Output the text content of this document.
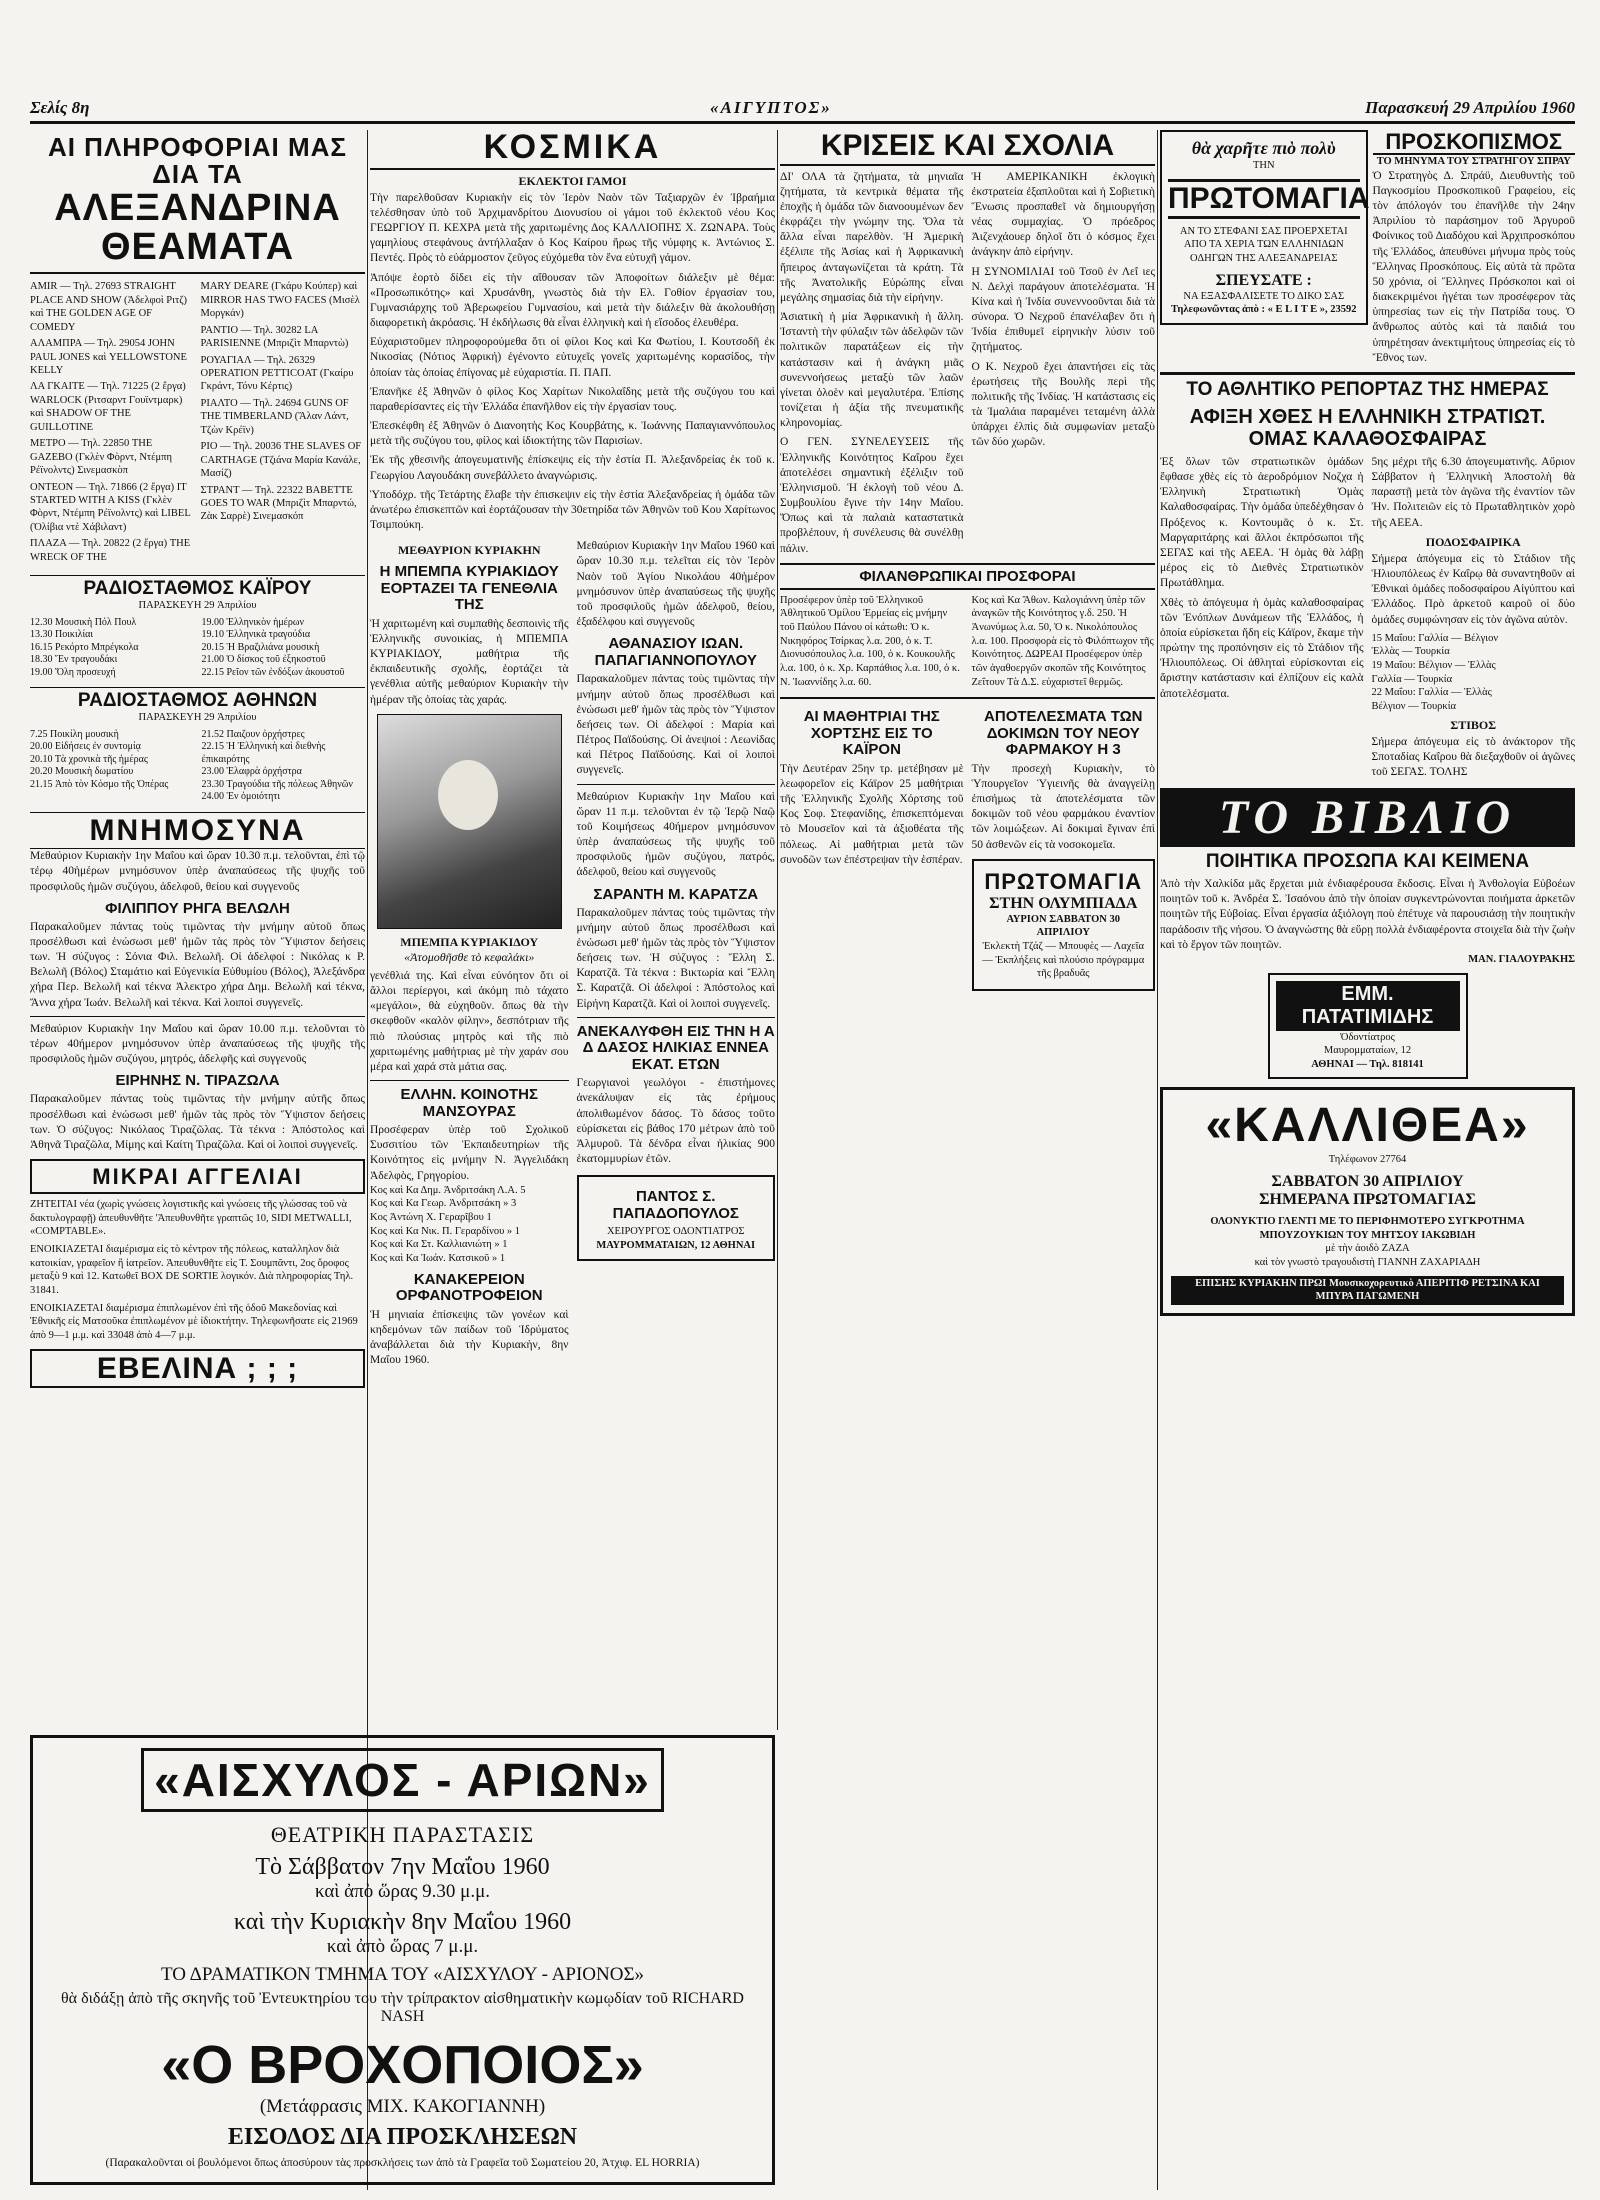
Σελίς 8η	«ΑΙΓΥΠΤΟΣ»	Παρασκευή 29 Απριλίου 1960
ΑΙ ΠΛΗΡΟΦΟΡΙΑΙ ΜΑΣ ΔΙΑ ΤΑ
ΑΛΕΞΑΝΔΡΙΝΑ ΘΕΑΜΑΤΑ

AMIR — Τηλ. 27693 STRAIGHT PLACE AND SHOW (Ἀδελφοὶ Ριτζ) καὶ THE GOLDEN AGE OF COMEDY

ΑΛΑΜΠΡΑ — Τηλ. 29054 JOHN PAUL JONES καὶ YELLOWSTONE KELLY

ΛΑ ΓΚΑΙΤΕ — Τηλ. 71225 (2 ἔργα) WARLOCK (Ριτσαρντ Γουϊντμαρκ) καὶ SHADOW OF THE GUILLOTINE

ΜΕΤΡΟ — Τηλ. 22850 THE GAZEBO (Γκλὲν Φὸρντ, Ντέμπη Ρέϊνολντς) Σινεμασκὸπ

ΟΝΤΕΟΝ — Τηλ. 71866 (2 ἔργα) IT STARTED WITH A KISS (Γκλὲν Φὸρντ, Ντέμπη Ρέϊνολντς) καὶ LIBEL (Ὀλίβια ντὲ Χάβιλαντ)

ΠΛΑΖΑ — Τηλ. 20822 (2 ἔργα) THE WRECK OF THE

MARY DEARE (Γκάρυ Κούπερ) καὶ MIRROR HAS TWO FACES (Μισὲλ Μοργκάν)

ΡΑΝΤΙΟ — Τηλ. 30282 LA PARISIENNE (Μπριζὶτ Μπαρντὼ)

ΡΟΥΑΓΙΑΛ — Τηλ. 26329 OPERATION PETTICOAT (Γκαίρυ Γκράντ, Τόνυ Κέρτις)

ΡΙΑΛΤΟ — Τηλ. 24694 GUNS OF THE TIMBERLAND (Ἄλαν Λάντ, Τζὼν Κρέϊν)

ΡΙΟ — Τηλ. 20036 THE SLAVES OF CARTHAGE (Τζιάνα Μαρία Κανάλε, Μασίζ)

ΣΤΡΑΝΤ — Τηλ. 22322 BABETTE GOES TO WAR (Μπριζὶτ Μπαρντώ, Ζὰκ Σαρρὲ) Σινεμασκόπ

ΡΑΔΙΟΣΤΑΘΜΟΣ ΚΑΪΡΟΥ
ΠΑΡΑΣΚΕΥΗ 29 Ἀπριλίου
12.30 Μουσικὴ Πόλ Πουλ
13.30 Ποικιλίαι
16.15 Ρεκόρτο Μπρέγκολα
18.30 Ἕν τραγουδάκι
19.00 Ὅλη προσευχή
19.00 Ἑλληνικὸν ἡμέρων
19.10 Ἑλληνικὰ τραγούδια
20.15 Ἡ Βραζιλιάνα μουσικὴ
21.00 Ὁ δίσκος τοῦ ἐξηκοστοῦ
22.15 Ρεῖον τῶν ἐνδόξων ἀκουστοῦ
ΡΑΔΙΟΣΤΑΘΜΟΣ ΑΘΗΝΩΝ
ΠΑΡΑΣΚΕΥΗ 29 Ἀπριλίου
7.25 Ποικίλη μουσικὴ
20.00 Εἰδήσεις ἐν συντομίᾳ
20.10 Τὰ χρονικὰ τῆς ἡμέρας
20.20 Μουσικὴ δωματίου
21.15 Ἀπὸ τὸν Κόσμο τῆς Ὀπέρας
21.52 Παιζουν ὀρχήστρες
22.15 Ἡ Ἑλληνικὴ καὶ διεθνὴς ἐπικαιρότης
23.00 Ἐλαφρὰ ὀρχήστρα
23.30 Τραγούδια τῆς πόλεως Ἀθηνῶν
24.00 Ἐν ὁμοιότητι
ΜΝΗΜΟΣΥΝΑ
Μεθαύριον Κυριακὴν 1ην Μαΐου καὶ ὥραν 10.30 π.μ. τελοῦνται, ἐπὶ τῷ τέρῳ 40ἡμέρων μνημόσυνον ὑπὲρ ἀναπαύσεως τῆς ψυχῆς τοῦ προσφιλοῦς ἡμῶν συζύγου, ἀδελφοῦ, θείου καὶ συγγενοῦς
ΦΙΛΙΠΠΟΥ ΡΗΓΑ ΒΕΛΩΛΗ
Παρακαλοῦμεν πάντας τοὺς τιμῶντας τὴν μνήμην αὐτοῦ ὅπως προσέλθωσι καὶ ἑνώσωσι μεθ' ἡμῶν τὰς πρὸς τὸν Ὕψιστον δεήσεις των. Ἡ σύζυγος : Σόνια Φιλ. Βελωλῆ. Οἱ ἀδελφοί : Νικόλας κ Ρ. Βελωλῆ (Βόλος) Σταμάτιο καὶ Εὐγενικία Εὐθυμίου (Βόλος), Ἀλεξάνδρα χήρα Περ. Βελωλῆ καὶ τέκνα Ἀλεκτρο χήρα Δημ. Βελωλῆ καὶ τέκνα, Ἄννα χήρα Ἰωάν. Βελωλῆ καὶ τέκνα. Καὶ λοιποὶ συγγενεῖς.
Μεθαύριον Κυριακὴν 1ην Μαΐου καὶ ὥραν 10.00 π.μ. τελοῦνται τὸ τέρων 40ήμερον μνημόσυνον ὑπὲρ ἀναπαύσεως τῆς ψυχῆς τῆς προσφιλοῦς ἡμῶν συζύγου, μητρός, ἀδελφῆς καὶ συγγενοῦς
ΕΙΡΗΝΗΣ Ν. ΤΙΡΑΖΩΛΑ
Παρακαλοῦμεν πάντας τοὺς τιμῶντας τὴν μνήμην αὐτῆς ὅπως προσέλθωσι καὶ ἑνώσωσι μεθ' ἡμῶν τὰς πρὸς τὸν Ὕψιστον δεήσεις των. Ὁ σύζυγος: Νικόλαος Τιραζῶλας. Τὰ τέκνα : Ἀπόστολος καὶ Ἀθηνᾶ Τιραζῶλα, Μίμης καὶ Καίτη Τιραζῶλα. Καὶ οἱ λοιποὶ συγγενεῖς.
ΜΙΚΡΑΙ ΑΓΓΕΛΙΑΙ
ΖΗΤΕΙΤΑΙ νέα (χωρὶς γνώσεις λογιστικῆς καὶ γνώσεις τῆς γλώσσας τοῦ νὰ δακτυλογραφῇ) ἀπευθυνθῆτε 'Ἀπευθυνθῆτε γραπτῶς 10, SIDI METWALLI, «COMPTABLE».
ΕΝΟΙΚΙΑΖΕΤΑΙ διαμέρισμα εἰς τὸ κέντρον τῆς πόλεως, καταλληλον διὰ κατοικίαν, γραφεῖον ἢ ἰατρεῖον. Ἀπευθυνθῆτε εἰς Τ. Σουμπᾶντι, 2ος ὄροφος μεταξὺ 9 καὶ 12. Κατωθεῖ BOX DE SORTIE λογικόν. Διὰ πληροφορίας Τηλ. 31841.
ΕΝΟΙΚΙΑΖΕΤΑΙ διαμέρισμα ἐπιπλωμένον ἐπὶ τῆς ὁδοῦ Μακεδονίας καὶ Ἐθνικῆς εἰς Ματσοῦκα ἐπιπλωμένον μὲ ἰδιοκτήτην. Τηλεφωνῆσατε εἰς 21969 ἀπὸ 9—1 μ.μ. καὶ 33048 ἀπὸ 4—7 μ.μ.
ΕΒΕΛΙΝΑ ; ; ;
ΚΟΣΜΙΚΑ
ΕΚΛΕΚΤΟΙ ΓΑΜΟΙ
Τὴν παρελθοῦσαν Κυριακὴν εἰς τὸν Ἱερὸν Ναὸν τῶν Ταξιαρχῶν ἐν Ἰβραήμια τελέσθησαν ὑπὸ τοῦ Ἀρχιμανδρίτου Διονυσίου οἱ γάμοι τοῦ ἐκλεκτοῦ νέου Κος ΓΕΩΡΓΙΟΥ Π. ΚΕΧΡΑ μετὰ τῆς χαριτωμένης Δος ΚΑΛΛΙΟΠΗΣ Χ. ΖΩΝΑΡΑ. Τοὺς γαμηλίους στεφάνους ἀντήλλαξαν ὁ Κος Καίρου ἥρως τῆς νύμφης κ. Ἀντώνιος Σ. Πεντές. Πρὸς τὸ εὐάρμοστον ζεῦγος εὐχόμεθα τὸν ἔνα εὐτυχῆ γάμον.
Ἀπόψε ἑορτὸ δίδει εἰς τὴν αἴθουσαν τῶν Ἀποφοίτων διάλεξιν μὲ θέμα: «Προσωπικότης» καὶ Χρυσάνθη, γνωστὸς διὰ τὴν Ελ. Γοθίον ἐργασίαν του, Γυμνασιάρχης τοῦ Ἀβερωφείου Γυμνασίου, καὶ μετὰ τὴν διάλεξιν θὰ ἀκολουθήσῃ διαφορετικὴ ἀκρόασις. Ἡ ἐκδήλωσις θὰ εἶναι ἑλληνικὴ καὶ ἡ εἴσοδος ἐλευθέρα.
Εὐχαριστοῦμεν πληροφορούμεθα ὅτι οἱ φίλοι Κος καὶ Κα Φωτίου, Ι. Κουτσοδῆ ἐκ Νικοσίας (Νότιος Ἀφρική) ἐγένοντο εὐτυχεῖς γονεῖς χαριτωμένης κορασίδος, τὴν ὁποίαν τὰς ὁποίας ἐπίγονας μὲ εὐχαριστία. Π. ΠΑΠ.
Ἐπανῆκε ἐξ Ἀθηνῶν ὁ φίλος Κος Χαρίτων Νικολαΐδης μετὰ τῆς συζύγου του καὶ παραθερίσαντες εἰς τὴν Ἑλλάδα ἐπανῆλθον εἰς τὴν ἐργασίαν τους.
Ἐπεσκέφθη ἐξ Ἀθηνῶν ὁ Διανοητὴς Κος Κουρβάτης, κ. Ἰωάννης Παπαγιαννόπουλος μετὰ τῆς συζύγου του, φίλος καὶ ἰδιοκτήτης τῶν Παρισίων.
Ἐκ τῆς χθεσινῆς ἀπογευματινῆς ἐπίσκεψις εἰς τὴν ἑστία Π. Ἀλεξανδρείας ἐκ τοῦ κ. Γεωργίου Λαγουδάκη συνεβάλλετο ἀναγνώρισις.
Ὑποδόχρ. τῆς Τετάρτης ἔλαβε τὴν ἐπισκεψιν εἰς τὴν ἑστία Ἀλεξανδρείας ἡ ὁμάδα τῶν ἀνωτέρω ἐπισκεπτῶν καὶ ἑορτάζουσαν τὴν 30ετηρίδα τῶν Ἀθηνῶν τοῦ Κου Χαρίτωνος Τσιμπούκη.
ΜΕΘΑΥΡΙΟΝ ΚΥΡΙΑΚΗΝ
Η ΜΠΕΜΠΑ ΚΥΡΙΑΚΙΔΟΥ ΕΟΡΤΑΖΕΙ ΤΑ ΓΕΝΕΘΛΙΑ ΤΗΣ
Ἡ χαριτωμένη καὶ συμπαθὴς δεσποινὶς τῆς Ἑλληνικῆς συνοικίας, ἡ ΜΠΕΜΠΑ ΚΥΡΙΑΚΙΔΟΥ, μαθήτρια τῆς ἐκπαιδευτικῆς σχολῆς, ἑορτάζει τὰ γενέθλια αὐτῆς μεθαύριον Κυριακὴν τὴν ἡμέραν τῆς ὁποίας τὰς χαράς.
ΜΠΕΜΠΑ ΚΥΡΙΑΚΙΔΟΥ
«Ἀτομοθῆσθε τὸ κεφαλάκι»
γενέθλιά της. Καὶ εἶναι εὐνόητον ὅτι οἱ ἄλλοι περίεργοι, καὶ ἀκόμη πιὸ τάχατο «μεγάλοι», θὰ εὐχηθοῦν. ὅπως θὰ τὴν σκεφθοῦν «καλὸν φίλην», δεσπότριαν τῆς πιὸ πλούσιας μητρὸς καὶ τῆς πιὸ χαριτωμένης μαθήτριας μὲ τὴν χαράν σου μέρα καὶ χαρά στὰ μάτια σας.
ΕΛΛΗΝ. ΚΟΙΝΟΤΗΣ ΜΑΝΣΟΥΡΑΣ
Προσέφεραν ὑπὲρ τοῦ Σχολικοῦ Συσσιτίου τῶν Ἑκπαιδευτηρίων τῆς Κοινότητος εἰς μνήμην Ν. Ἀγγελιδάκη Ἀδελφὸς, Γρηγορίου.
Κος καὶ Κα Δημ. Ἀνδριτσάκη Λ.Α. 5
Κος καὶ Κα Γεωρ. Ἀνδριτσάκη » 3
Κος Ἀντώνη Χ. Γεραρῖβου 1
Κος καὶ Κα Νικ. Π. Γεραρδίνου » 1
Κος καὶ Κα Στ. Καλλιανιώτη » 1
Κος καὶ Κα Ἰωάν. Κατσικοῦ » 1
ΚΑΝΑΚΕΡΕΙΟΝ ΟΡΦΑΝΟΤΡΟΦΕΙΟΝ
Ἡ μηνιαία ἐπίσκεψις τῶν γονέων καὶ κηδεμόνων τῶν παίδων τοῦ Ἱδρύματος ἀναβάλλεται διὰ τὴν Κυριακὴν, 8ην Μαΐου 1960.
Μεθαύριον Κυριακὴν 1ην Μαΐου 1960 καὶ ὥραν 10.30 π.μ. τελεῖται εἰς τὸν Ἱερὸν Ναὸν τοῦ Ἁγίου Νικολάου 40ἡμέρον μνημόσυνον ὑπὲρ ἀναπαύσεως τῆς ψυχῆς τοῦ προσφιλοῦς ἡμῶν ἀδελφοῦ, θείου, ἐξαδέλφου καὶ συγγενοῦς
ΑΘΑΝΑΣΙΟΥ ΙΩΑΝ. ΠΑΠΑΓΙΑΝΝΟΠΟΥΛΟΥ
Παρακαλοῦμεν πάντας τοὺς τιμῶντας τὴν μνήμην αὐτοῦ ὅπως προσέλθωσι καὶ ἑνώσωσι μεθ' ἡμῶν τὰς πρὸς τὸν Ὕψιστον δεήσεις των. Οἱ ἀδελφοί : Μαρία καὶ Πέτρος Παϊδούσης. Οἱ ἀνεψιοί : Λεωνίδας καὶ Πέτρος Παϊδούσης. Καὶ οἱ λοιποὶ συγγενεῖς.
Μεθαύριον Κυριακὴν 1ην Μαΐου καὶ ὥραν 11 π.μ. τελοῦνται ἐν τῷ Ἱερῷ Ναῷ τοῦ Κοιμήσεως 40ήμερον μνημόσυνον ὑπὲρ ἀναπαύσεως τῆς ψυχῆς τοῦ προσφιλοῦς ἡμῶν συζύγου, πατρός, ἀδελφοῦ, θείου καὶ συγγενοῦς
ΣΑΡΑΝΤΗ Μ. ΚΑΡΑΤΖΑ
Παρακαλοῦμεν πάντας τοὺς τιμῶντας τὴν μνήμην αὐτοῦ ὅπως προσέλθωσι καὶ ἑνώσωσι μεθ' ἡμῶν τὰς πρὸς τὸν Ὕψιστον δεήσεις των. Ἡ σύζυγος : Ἔλλη Σ. Καρατζᾶ. Τὰ τέκνα : Βικτωρία καὶ Ἔλλη Σ. Καρατζᾶ. Οἱ ἀδελφοί : Ἀπόστολος καὶ Εἰρήνη Καρατζᾶ. Καὶ οἱ λοιποὶ συγγενεῖς.
ΑΝΕΚΑΛΥΦΘΗ ΕΙΣ ΤΗΝ Η Α Δ ΔΑΣΟΣ ΗΛΙΚΙΑΣ ΕΝΝΕΑ ΕΚΑΤ. ΕΤΩΝ
Γεωργιανοὶ γεωλόγοι - ἐπιστήμονες ἀνεκάλυψαν εἰς τὰς ἐρήμους ἀπολιθωμένον δάσος. Τὸ δάσος τοῦτο εὑρίσκεται εἰς βάθος 170 μέτρων ἀπὸ τοῦ Ἁλμυροῦ. Τὰ δένδρα εἶναι ἡλικίας 900 ἑκατομμυρίων ἐτῶν.
ΠΑΝΤΟΣ Σ. ΠΑΠΑΔΟΠΟΥΛΟΣ
ΧΕΙΡΟΥΡΓΟΣ ΟΔΟΝΤΙΑΤΡΟΣ
ΜΑΥΡΟΜΜΑΤΑΙΩΝ, 12 ΑΘΗΝΑΙ
ΚΡΙΣΕΙΣ ΚΑΙ ΣΧΟΛΙΑ
ΔΙ' ΟΛΑ τὰ ζητήματα, τὰ μηνιαῖα ζητήματα, τὰ κεντρικὰ θέματα τῆς ἐποχῆς ἡ ὁμάδα τῶν διανοουμένων δεν ἐκφράζει τὴν γνώμην της. Ὅλα τὰ ἄλλα εἶναι παρελθὸν. Ἡ Ἀμερικὴ ἐξέλιπε τῆς Ἀσίας καὶ ἡ Ἀφρικανικὴ ἤπειρος ἀνταγωνίζεται τὰ κράτη. Τὰ τῆς Ἀνατολικῆς Εὐρώπης εἶναι μεγάλης σημασίας διὰ τὴν εἰρήνην.
Ἀσιατικὴ ἡ μία Ἀφρικανικὴ ἡ ἄλλη. Ἰσταντὴ τὴν φύλαξιν τῶν ἀδελφῶν τῶν πολιτικῶν παρατάξεων εἰς τὴν κατάστασιν καὶ ἡ ἀνάγκη μιᾶς συνεννοήσεως μεταξὺ τῶν λαῶν γίνεται ὁλοὲν καὶ μεγαλυτέρα. Ἐπίσης τονίζεται ἡ ἀξία τῆς πνευματικῆς κληρονομίας.
Ο ΓΕΝ. ΣΥΝΕΛΕΥΣΕΙΣ τῆς Ἑλληνικῆς Κοινότητος Καΐρου ἔχει ἀποτελέσει σημαντικὴ ἐξέλιξιν τοῦ Ἑλληνισμοῦ. Ἡ ἐκλογὴ τοῦ νέου Δ. Συμβουλίου ἔγινε τὴν 14ην Μαΐου. Ὅπως καὶ τὰ παλαιὰ καταστατικὰ προβλέπουν, ἡ συνέλευσις θὰ συνέλθῃ πάλιν.
Ἡ ΑΜΕΡΙΚΑΝΙΚΗ ἐκλογικὴ ἐκστρατεία ἐξαπλοῦται καὶ ἡ Σοβιετικὴ Ἕνωσις προσπαθεῖ νὰ δημιουργήσῃ νέας συμμαχίας. Ὁ πρόεδρος Ἀιζενχάουερ δηλοῖ ὅτι ὁ κόσμος ἔχει ἀνάγκην ἀπὸ εἰρήνην.
Η ΣΥΝΟΜΙΛΙΑΙ τοῦ Τσοῦ ἐν Λεΐ ιες Ν. Δελχὶ παράγουν ἀποτελέσματα. Ἡ Κίνα καὶ ἡ Ἰνδία συνεννοοῦνται διὰ τὰ σύνορα. Ὁ Νεχροῦ ἐπανέλαβεν ὅτι ἡ Ἰνδία ἐπιθυμεῖ εἰρηνικὴν λύσιν τοῦ ζητήματος.
Ο Κ. Νεχροῦ ἔχει ἀπαντήσει εἰς τὰς ἐρωτήσεις τῆς Βουλῆς περὶ τῆς πολιτικῆς τῆς Ἰνδίας. Ἡ κατάστασις εἰς τὰ Ἰμαλάια παραμένει τεταμένη ἀλλὰ ὑπάρχει ἐλπὶς διὰ συμφωνίαν μεταξὺ τῶν δύο χωρῶν.
ΦΙΛΑΝΘΡΩΠΙΚΑΙ ΠΡΟΣΦΟΡΑΙ
Προσέφερον ὑπὲρ τοῦ Ἑλληνικοῦ Ἀθλητικοῦ Ὁμίλου Ἑρμείας εἰς μνήμην τοῦ Παύλου Πάνου οἱ κάτωθι: Ὁ κ. Νικηφόρος Τσίρκας λ.α. 200, ὁ κ. Τ. Διονυσόπουλος λ.α. 100, ὁ κ. Κουκουλῆς λ.α. 100, ὁ κ. Χρ. Καρπάθιος λ.α. 100, ὁ κ. Ν. Ἰωαννίδης λ.α. 60.
Κος καὶ Κα Ἄθων. Καλογιάννη ὑπὲρ τῶν ἀναγκῶν τῆς Κοινότητος γ.δ. 250. Ἡ Ἀνωνύμως λ.α. 50, Ὁ κ. Νικολόπουλος λ.α. 100. Προσφορὰ εἰς τὸ Φιλόπτωχον τῆς Κοινότητος. ΔΩΡΕΑΙ Προσέφερον ὑπὲρ τῶν ἀγαθοεργῶν σκοπῶν τῆς Κοινότητος Ζεΐτουν Τὰ Δ.Σ. εὐχαριστεῖ θερμῶς.
ΑΙ ΜΑΘΗΤΡΙΑΙ ΤΗΣ ΧΟΡΤΣΗΣ ΕΙΣ ΤΟ ΚΑΪΡΟΝ
Τὴν Δευτέραν 25ην τρ. μετέβησαν μὲ λεωφορεῖον εἰς Κάϊρον 25 μαθήτριαι τῆς Ἑλληνικῆς Σχολῆς Χόρτσης τοῦ Κος Σοφ. Στεφανίδης, ἐπισκεπτόμεναι τὸ Μουσεῖον καὶ τὰ ἀξιοθέατα τῆς πόλεως. Αἱ μαθήτριαι μετὰ τῶν συνοδῶν των ἐπέστρεψαν τὴν ἑσπέραν.
ΑΠΟΤΕΛΕΣΜΑΤΑ ΤΩΝ ΔΟΚΙΜΩΝ ΤΟΥ ΝΕΟΥ ΦΑΡΜΑΚΟΥ Η 3
Τὴν προσεχὴ Κυριακὴν, τὸ Ὑπουργεῖον Ὑγιεινῆς θὰ ἀναγγείλῃ ἐπισήμως τὰ ἀποτελέσματα τῶν δοκιμῶν τοῦ νέου φαρμάκου ἐναντίον τῶν λοιμώξεων. Αἱ δοκιμαὶ ἔγιναν ἐπὶ 50 ἀσθενῶν εἰς τὰ νοσοκομεῖα.
ΠΡΩΤΟΜΑΓΙΑ
ΣΤΗΝ ΟΛΥΜΠΙΑΔΑ
ΑΥΡΙΟΝ ΣΑΒΒΑΤΟΝ 30 ΑΠΡΙΛΙΟΥ
Ἐκλεκτὴ Τζάζ — Μπουφὲς — Λαχεῖα — Ἐκπλήξεις καὶ πλούσιο πρόγραμμα τῆς βραδυᾶς
θὰ χαρῆτε πιὸ πολὺ
ΤΗΝ
ΠΡΩΤΟΜΑΓΙΑ
ΑΝ ΤΟ ΣΤΕΦΑΝΙ ΣΑΣ ΠΡΟΕΡΧΕΤΑΙ ΑΠΟ ΤΑ ΧΕΡΙΑ ΤΩΝ ΕΛΛΗΝΙΔΩΝ ΟΔΗΓΩΝ ΤΗΣ ΑΛΕΞΑΝΔΡΕΙΑΣ
ΣΠΕΥΣΑΤΕ :
ΝΑ ΕΞΑΣΦΑΛΙΣΕΤΕ ΤΟ ΔΙΚΟ ΣΑΣ
Τηλεφωνῶντας ἀπὸ : « E L I T E », 23592
ΠΡΟΣΚΟΠΙΣΜΟΣ
ΤΟ ΜΗΝΥΜΑ ΤΟΥ ΣΤΡΑΤΗΓΟΥ ΣΠΡΑΥ
Ὁ Στρατηγὸς Δ. Σπράϋ, Διευθυντὴς τοῦ Παγκοσμίου Προσκοπικοῦ Γραφείου, εἰς τὸν ἀπόλογόν του ἐπανῆλθε τὴν 24ην Ἀπριλίου τὸ παράσημον τοῦ Ἀργυροῦ Φοίνικος τοῦ Διαδόχου καὶ Ἀρχιπροσκόπου τῆς Ἑλλάδος, ἀπευθύνει μήνυμα πρὸς τοὺς Ἕλληνας Προσκόπους. Εἰς αὐτὰ τὰ πρῶτα 50 χρόνια, οἱ Ἕλληνες Πρόσκοποι καὶ οἱ διακεκριμένοι ἡγέται των προσέφερον τὰς ὑπηρεσίας των εἰς τὴν Πατρίδα τους. Ὁ ἄνθρωπος αὐτὸς καὶ τὰ παιδιά του ὑπηρέτησαν ἀνεκτιμήτους ὑπηρεσίας εἰς τὸ Ἔθνος των.
ΤΟ ΑΘΛΗΤΙΚΟ ΡΕΠΟΡΤΑΖ ΤΗΣ ΗΜΕΡΑΣ
ΑΦΙΞΗ ΧΘΕΣ Η ΕΛΛΗΝΙΚΗ ΣΤΡΑΤΙΩΤ. ΟΜΑΣ ΚΑΛΑΘΟΣΦΑΙΡΑΣ
Ἐξ ὅλων τῶν στρατιωτικῶν ὁμάδων ἔφθασε χθὲς εἰς τὸ ἀεροδρόμιον Νοζχα ἡ Ἑλληνικὴ Στρατιωτικὴ Ὁμὰς Καλαθοσφαίρας. Τὴν ὁμάδα ὑπεδέχθησαν ὁ Πρόξενος κ. Κοντουμᾶς ὁ κ. Στ. Μαργαριτάρης καὶ ἄλλοι ἐκπρόσωποι τῆς ΣΕΓΑΣ καὶ τῆς ΑΕΕΑ. Ἡ ὁμὰς θὰ λάβῃ μέρος εἰς τὸ Διεθνὲς Στρατιωτικὸν Πρωτάθλημα.
Χθὲς τὸ ἀπόγευμα ἡ ὁμὰς καλαθοσφαίρας τῶν Ἐνόπλων Δυνάμεων τῆς Ἑλλάδος, ἡ ὁποία εὑρίσκεται ἤδη εἰς Κάϊρον, ἔκαμε τὴν πρώτην της προπόνησιν εἰς τὸ Στάδιον τῆς Ἡλιουπόλεως. Οἱ ἀθληταὶ εὑρίσκονται εἰς ἄριστην κατάστασιν καὶ ἐλπίζουν εἰς καλὰ ἀποτελέσματα.
5ης μέχρι τῆς 6.30 ἀπογευματινῆς. Αὔριον Σάββατον ἡ Ἑλληνικὴ Ἀποστολὴ θὰ παραστῇ μετὰ τὸν ἀγῶνα τῆς ἐναντίον τῶν Ἠν. Πολιτειῶν εἰς τὸ Πρωταθλητικὸν χορὸ τῆς ΑΕΕΑ.
ΠΟΔΟΣΦΑΙΡΙΚΑ
Σήμερα ἀπόγευμα εἰς τὸ Στάδιον τῆς Ἡλιουπόλεως ἐν Καΐρῳ θὰ συναντηθοῦν αἱ Ἐθνικαὶ ὁμάδες ποδοσφαίρου Αἰγύπτου καὶ Ἑλλάδος. Πρὸ ἀρκετοῦ καιροῦ οἱ δύο ὁμάδες συμφώνησαν εἰς τὸν ἀγῶνα αὐτὸν.
15 Μαΐου: Γαλλία — Βέλγιον
Ἑλλὰς — Τουρκία
19 Μαΐου: Βέλγιον — Ἑλλὰς
Γαλλία — Τουρκία
22 Μαΐου: Γαλλία — Ἑλλὰς
Βέλγιον — Τουρκία
ΣΤΙΒΟΣ
Σήμερα ἀπόγευμα εἰς τὸ ἀνάκτορον τῆς Σποταδίας Καΐρου θὰ διεξαχθοῦν οἱ ἀγῶνες τοῦ ΣΕΓΑΣ. ΤΟΛΗΣ
ΤΟ ΒΙΒΛΙΟ
ΠΟΙΗΤΙΚΑ ΠΡΟΣΩΠΑ ΚΑΙ ΚΕΙΜΕΝΑ
Ἀπὸ τὴν Χαλκίδα μᾶς ἔρχεται μιὰ ἐνδιαφέρουσα ἔκδοσις. Εἶναι ἡ Ἀνθολογία Εὐβοέων ποιητῶν τοῦ κ. Ἀνδρέα Σ. Ἰσαόνου ἀπὸ τὴν ὁποίαν συγκεντρώνονται ποιήματα ἀρκετῶν ποιητῶν τῆς Εὐβοίας. Εἶναι ἐργασία ἀξιόλογη ποὺ ἐπέτυχε νὰ παρουσιάσῃ τὴν ποιητικὴν παράδοσιν τῆς νήσου. Ὁ ἀναγνώστης θὰ εὕρῃ πολλὰ ἐνδιαφέροντα στοιχεῖα διὰ τὴν ζωὴν καὶ τὸ ἔργον τῶν ποιητῶν.
ΜΑΝ. ΓΙΑΛΟΥΡΑΚΗΣ
ΕΜΜ. ΠΑΤΑΤΙΜΙΔΗΣ
Ὀδοντίατρος
Μαυρομματαίων, 12
ΑΘΗΝΑΙ — Τηλ. 818141
«ΚΑΛΛΙΘΕΑ»
Τηλέφωνον 27764
ΣΑΒΒΑΤΟΝ 30 ΑΠΡΙΛΙΟΥ
ΣΗΜΕΡΑΝΑ ΠΡΩΤΟΜΑΓΙΑΣ
ΟΛΟΝΥΚΤΙΟ ΓΛΕΝΤΙ ΜΕ ΤΟ ΠΕΡΙΦΗΜΟΤΕΡΟ ΣΥΓΚΡΟΤΗΜΑ ΜΠΟΥΖΟΥΚΙΩΝ ΤΟΥ ΜΗΤΣΟΥ ΙΑΚΩΒΙΔΗ
μὲ τὴν ἀοιδὸ ΖΑΖΑ
καὶ τὸν γνωστὸ τραγουδιστὴ ΓΙΑΝΝΗ ΖΑΧΑΡΙΑΔΗ
ΕΠΙΣΗΣ ΚΥΡΙΑΚΗΝ ΠΡΩΙ Μουσικοχορευτικὸ ΑΠΕΡΙΤΙΦ ΡΕΤΣΙΝΑ ΚΑΙ ΜΠΥΡΑ ΠΑΓΩΜΕΝΗ
«ΑΙΣΧΥΛΟΣ - ΑΡΙΩΝ»
ΘΕΑΤΡΙΚΗ ΠΑΡΑΣΤΑΣΙΣ
Τὸ Σάββατον 7ην Μαΐου 1960
καὶ ἀπὸ ὥρας 9.30 μ.μ.
καὶ τὴν Κυριακὴν 8ην Μαΐου 1960
καὶ ἀπὸ ὥρας 7 μ.μ.
ΤΟ ΔΡΑΜΑΤΙΚΟΝ ΤΜΗΜΑ ΤΟΥ «ΑΙΣΧΥΛΟΥ - ΑΡΙΟΝΟΣ»
θὰ διδάξῃ ἀπὸ τῆς σκηνῆς τοῦ Ἐντευκτηρίου του τὴν τρίπρακτον αἰσθηματικὴν κωμῳδίαν τοῦ RICHARD NASH
«Ο ΒΡΟΧΟΠΟΙΟΣ»
(Μετάφρασις ΜΙΧ. ΚΑΚΟΓΙΑΝΝΗ)
ΕΙΣΟΔΟΣ ΔΙΑ ΠΡΟΣΚΛΗΣΕΩΝ
(Παρακαλοῦνται οἱ βουλόμενοι ὅπως ἀποσύρουν τὰς προσκλήσεις των ἀπὸ τὰ Γραφεῖα τοῦ Σωματείου 20, Ἀτχιφ. EL HORRIA)
